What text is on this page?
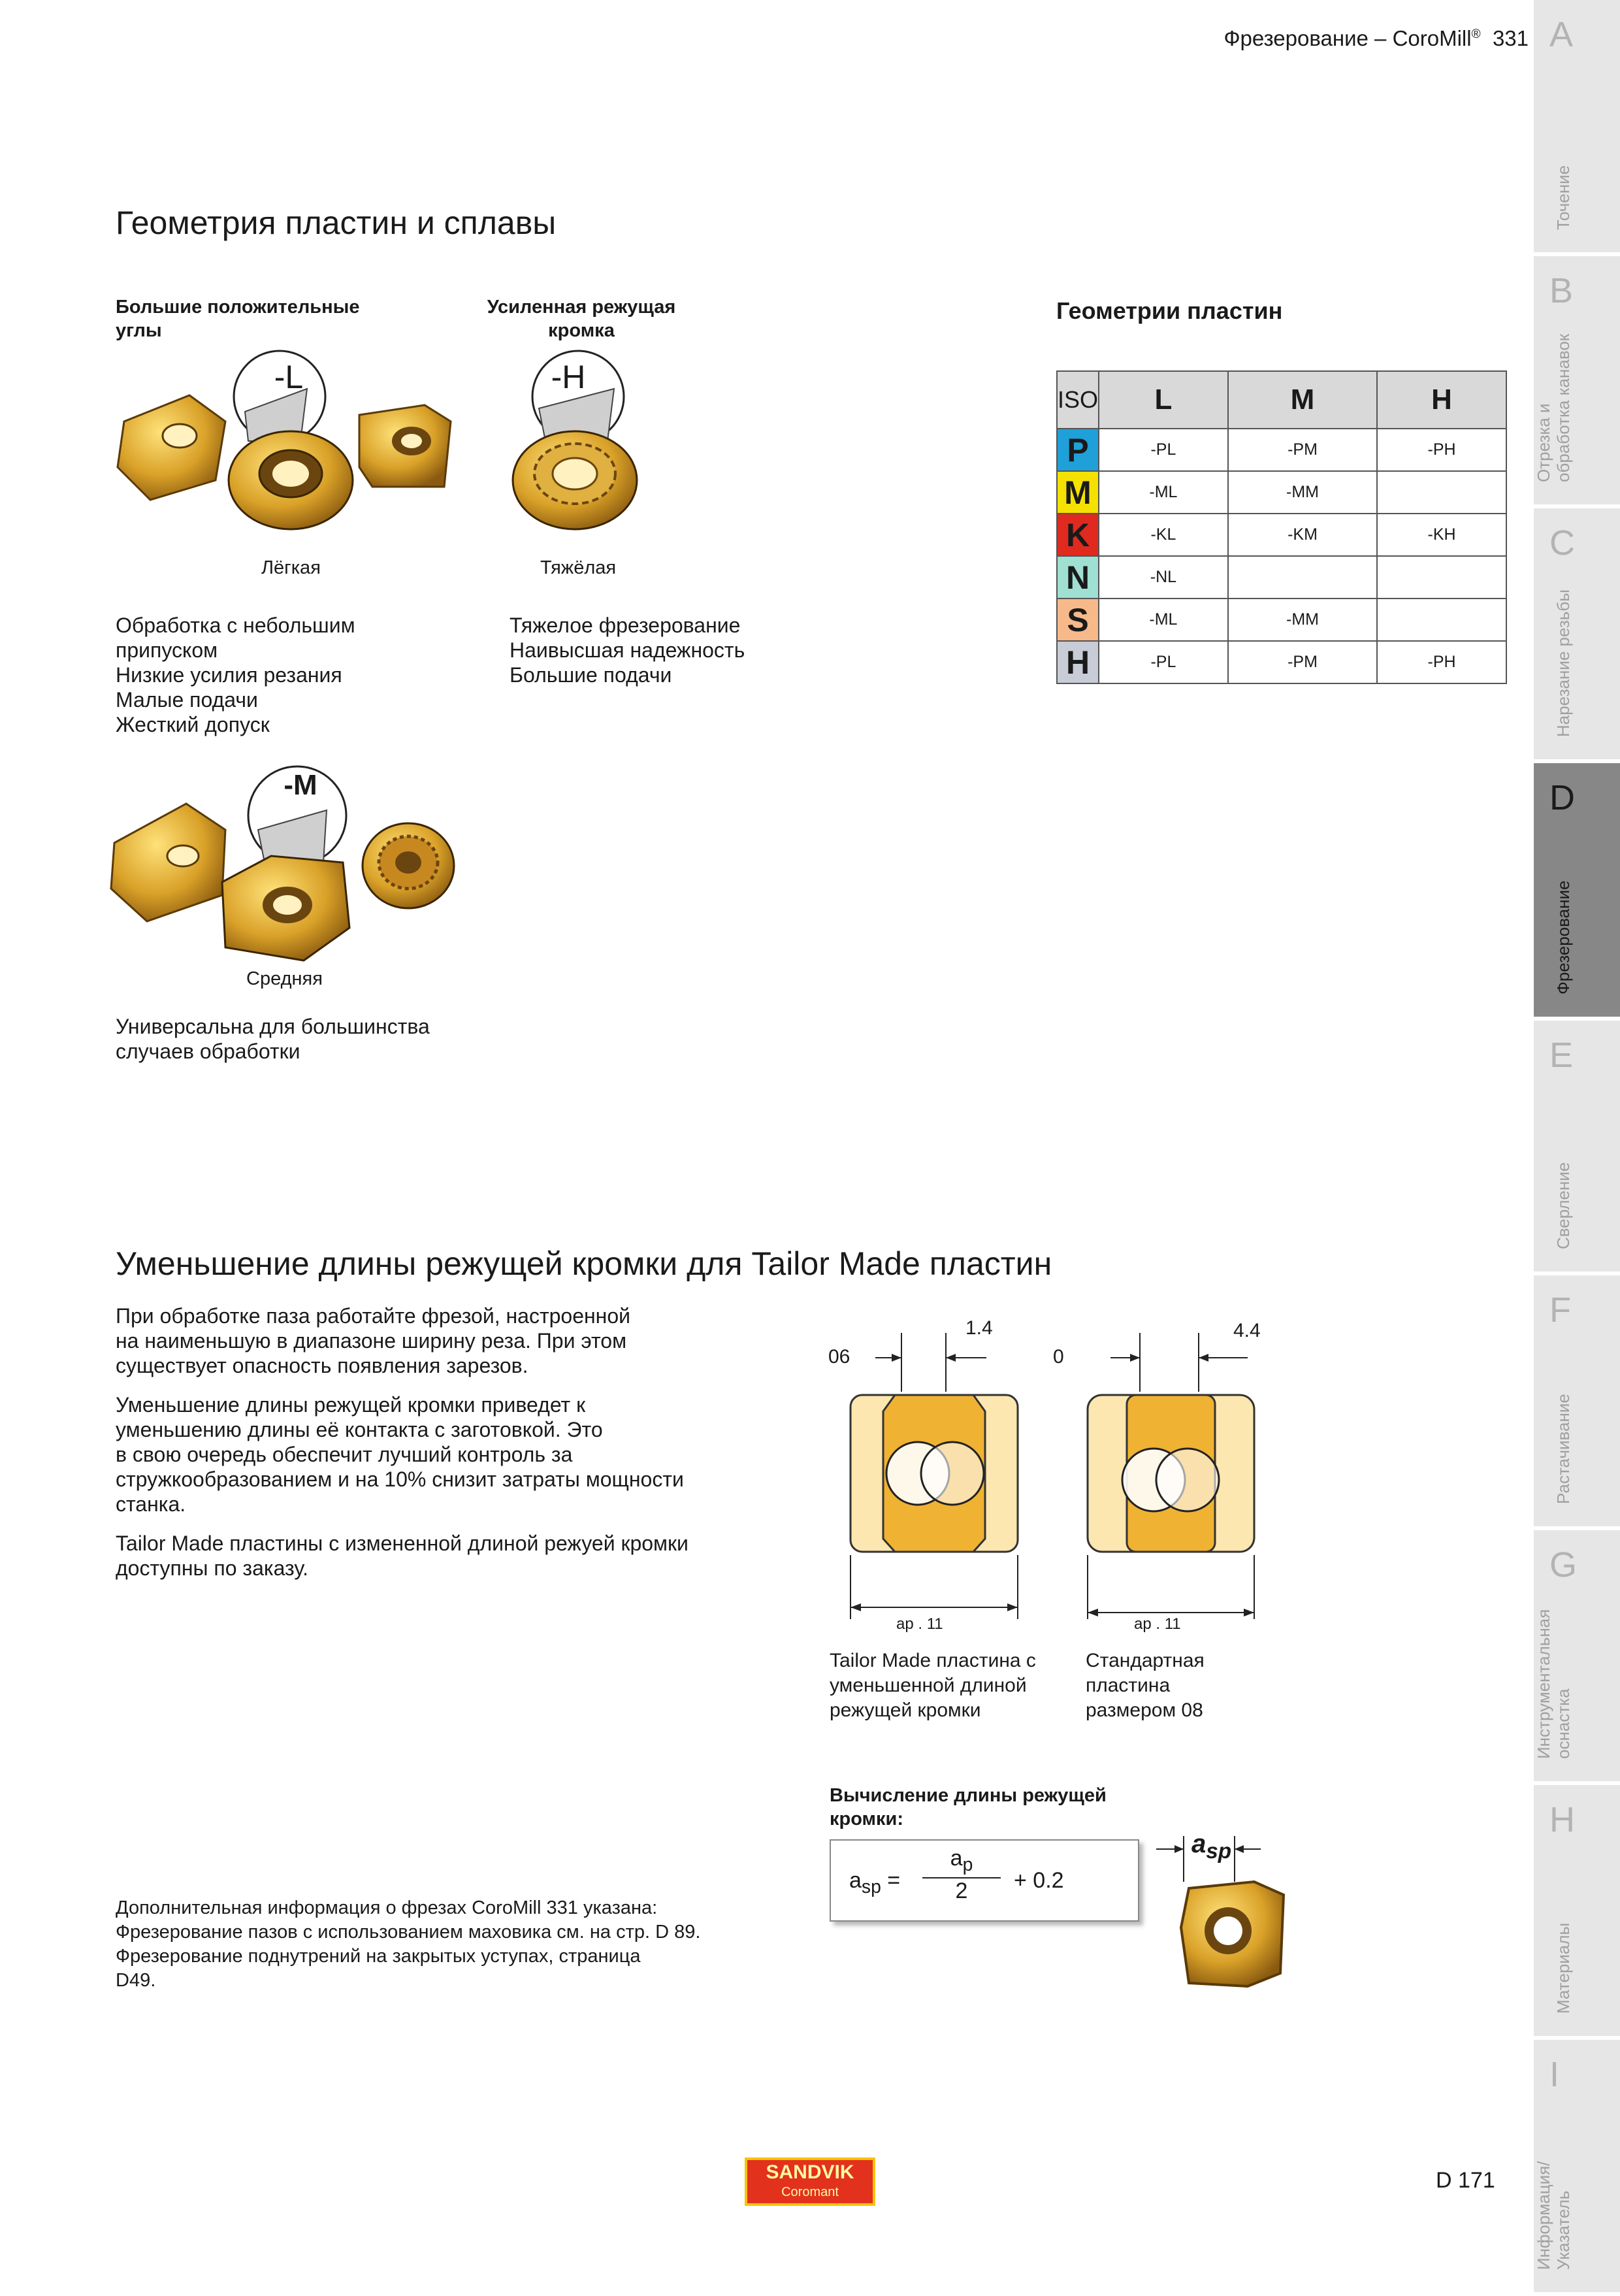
Фрезерование – CoroMill® 331 A
Точение
B
Отрезка и
обработка канавок
C
Нарезание резьбы
D
Фрезерование
E
Сверление
F
Растачивание
G
Инструментальная
оснастка
H
Материалы
I
Информация/
Указатель
Геометрия пластин и сплавы
Большие положительные
углы
-L
Лёгкая
Обработка с небольшим
припуском
Низкие усилия резания
Малые подачи
Жесткий допуск
Усиленная режущая
кромка
-H
Тяжёлая
Тяжелое фрезерование
Наивысшая надежность
Большие подачи
-M
Средняя
Универсальна для большинства
случаев обработки
Геометрии пластин
ISO	L	M	H
P	-PL	-PM	-PH
M	-ML	-MM	
K	-KL	-KM	-KH
N	-NL		
S	-ML	-MM	
H	-PL	-PM	-PH
Уменьшение длины режущей кромки для Tailor Made пластин

При обработке паза работайте фрезой, настроенной
на наименьшую в диапазоне ширину реза. При этом
существует опасность появления зарезов.

Уменьшение длины режущей кромки приведет к
уменьшению длины её контакта с заготовкой. Это
в свою очередь обеспечит лучший контроль за
стружкообразованием и на 10% снизит затраты мощности
станка.

Tailor Made пластины с измененной длиной режуей кромки
доступны по заказу.

1.4
06
ap . 11
4.4
0
ap . 11
Tailor Made пластина с
уменьшенной длиной
режущей кромки
Стандартная
пластина
размером 08
Вычисление длины режущей
кромки:
$a_{sp} = \frac{a_p}{2} + 0.2$
$a_{sp}$
Дополнительная информация о фрезах CoroMill 331 указана:
Фрезерование пазов с использованием маховика см. на стр. D 89.
Фрезерование поднутрений на закрытых уступах, страница
D49.
SANDVIK
Coromant	D 171
